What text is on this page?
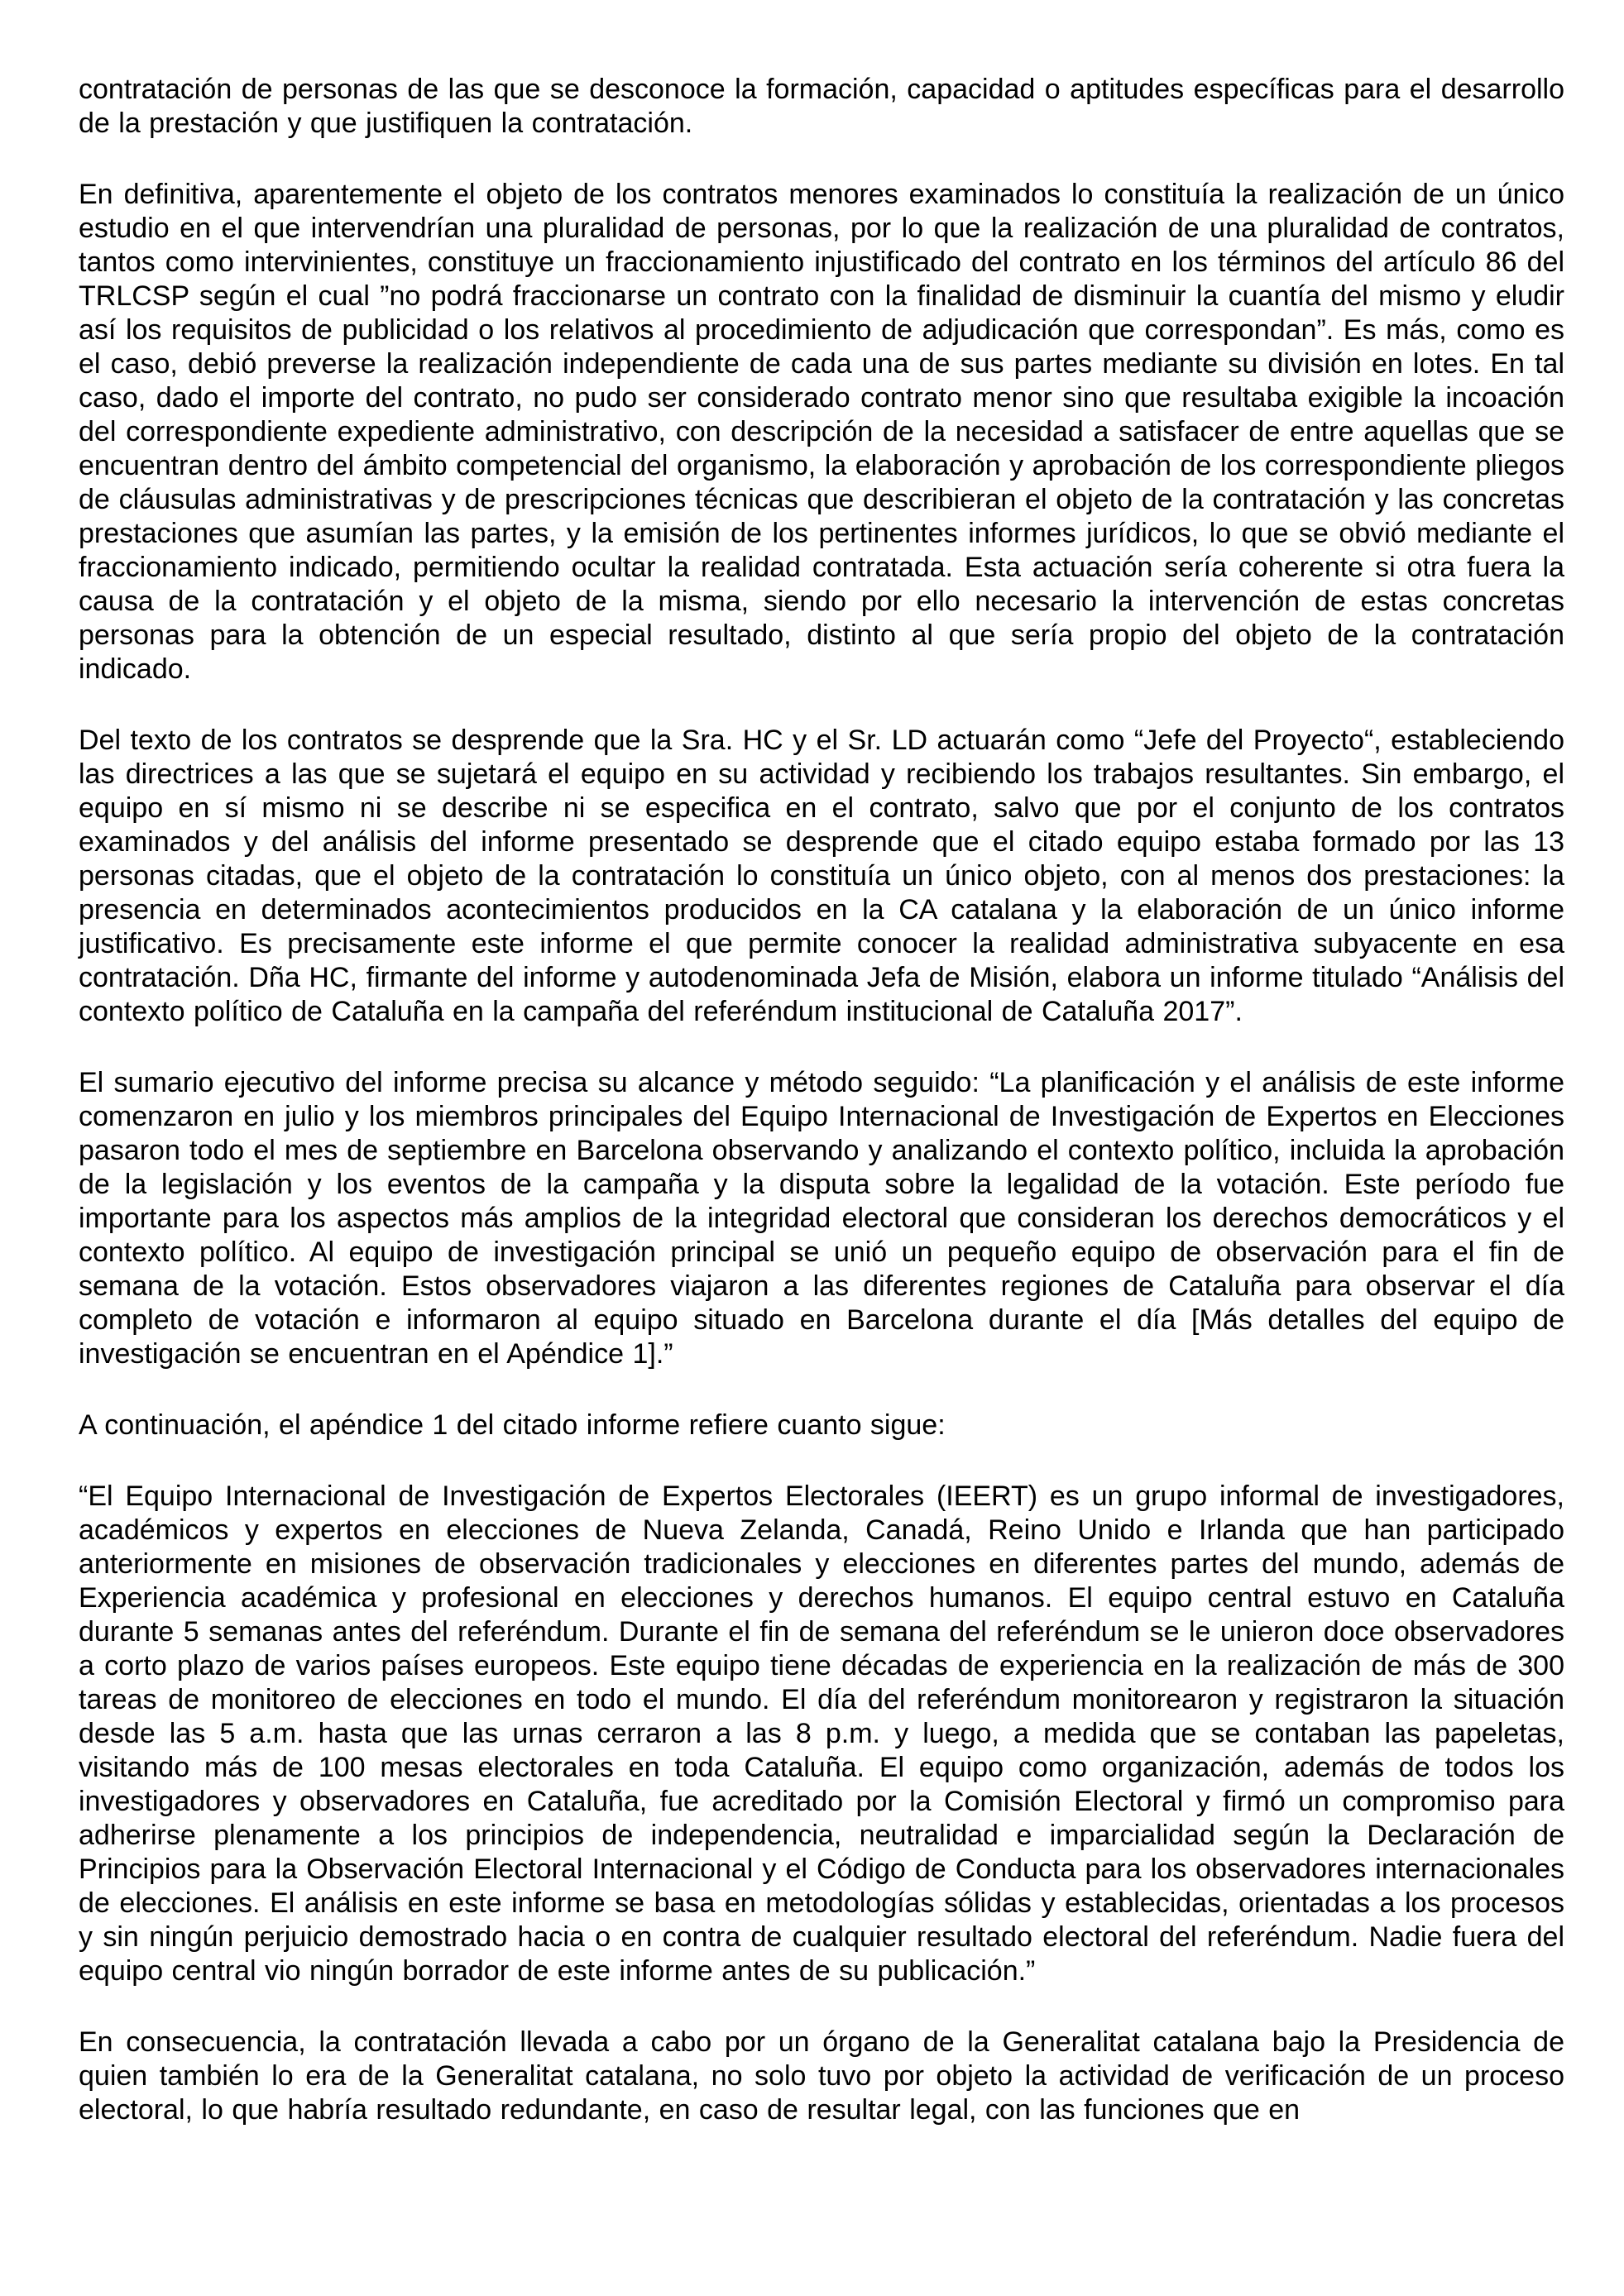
contratación de personas de las que se desconoce la formación, capacidad o aptitudes específicas para el desarrollo de la prestación y que justifiquen la contratación.

En definitiva, aparentemente el objeto de los contratos menores examinados lo constituía la realización de un único estudio en el que intervendrían una pluralidad de personas, por lo que la realización de una pluralidad de contratos, tantos como intervinientes, constituye un fraccionamiento injustificado del contrato en los términos del artículo 86 del TRLCSP según el cual ”no podrá fraccionarse un contrato con la finalidad de disminuir la cuantía del mismo y eludir así los requisitos de publicidad o los relativos al procedimiento de adjudicación que correspondan”. Es más, como es el caso, debió preverse la realización independiente de cada una de sus partes mediante su división en lotes. En tal caso, dado el importe del contrato, no pudo ser considerado contrato menor sino que resultaba exigible la incoación del correspondiente expediente administrativo, con descripción de la necesidad a satisfacer de entre aquellas que se encuentran dentro del ámbito competencial del organismo, la elaboración y aprobación de los correspondiente pliegos de cláusulas administrativas y de prescripciones técnicas que describieran el objeto de la contratación y las concretas prestaciones que asumían las partes, y la emisión de los pertinentes informes jurídicos, lo que se obvió mediante el fraccionamiento indicado, permitiendo ocultar la realidad contratada. Esta actuación sería coherente si otra fuera la causa de la contratación y el objeto de la misma, siendo por ello necesario la intervención de estas concretas personas para la obtención de un especial resultado, distinto al que sería propio del objeto de la contratación indicado.

Del texto de los contratos se desprende que la Sra. HC y el Sr. LD actuarán como “Jefe del Proyecto“, estableciendo las directrices a las que se sujetará el equipo en su actividad y recibiendo los trabajos resultantes. Sin embargo, el equipo en sí mismo ni se describe ni se especifica en el contrato, salvo que por el conjunto de los contratos examinados y del análisis del informe presentado se desprende que el citado equipo estaba formado por las 13 personas citadas, que el objeto de la contratación lo constituía un único objeto, con al menos dos prestaciones: la presencia en determinados acontecimientos producidos en la CA catalana y la elaboración de un único informe justificativo. Es precisamente este informe el que permite conocer la realidad administrativa subyacente en esa contratación. Dña HC, firmante del informe y autodenominada Jefa de Misión, elabora un informe titulado “Análisis del contexto político de Cataluña en la campaña del referéndum institucional de Cataluña 2017”.

El sumario ejecutivo del informe precisa su alcance y método seguido: “La planificación y el análisis de este informe comenzaron en julio y los miembros principales del Equipo Internacional de Investigación de Expertos en Elecciones pasaron todo el mes de septiembre en Barcelona observando y analizando el contexto político, incluida la aprobación de la legislación y los eventos de la campaña y la disputa sobre la legalidad de la votación. Este período fue importante para los aspectos más amplios de la integridad electoral que consideran los derechos democráticos y el contexto político. Al equipo de investigación principal se unió un pequeño equipo de observación para el fin de semana de la votación. Estos observadores viajaron a las diferentes regiones de Cataluña para observar el día completo de votación e informaron al equipo situado en Barcelona durante el día [Más detalles del equipo de investigación se encuentran en el Apéndice 1].”

A continuación, el apéndice 1 del citado informe refiere cuanto sigue:

“El Equipo Internacional de Investigación de Expertos Electorales (IEERT) es un grupo informal de investigadores, académicos y expertos en elecciones de Nueva Zelanda, Canadá, Reino Unido e Irlanda que han participado anteriormente en misiones de observación tradicionales y elecciones en diferentes partes del mundo, además de Experiencia académica y profesional en elecciones y derechos humanos. El equipo central estuvo en Cataluña durante 5 semanas antes del referéndum. Durante el fin de semana del referéndum se le unieron doce observadores a corto plazo de varios países europeos. Este equipo tiene décadas de experiencia en la realización de más de 300 tareas de monitoreo de elecciones en todo el mundo. El día del referéndum monitorearon y registraron la situación desde las 5 a.m. hasta que las urnas cerraron a las 8 p.m. y luego, a medida que se contaban las papeletas, visitando más de 100 mesas electorales en toda Cataluña. El equipo como organización, además de todos los investigadores y observadores en Cataluña, fue acreditado por la Comisión Electoral y firmó un compromiso para adherirse plenamente a los principios de independencia, neutralidad e imparcialidad según la Declaración de Principios para la Observación Electoral Internacional y el Código de Conducta para los observadores internacionales de elecciones. El análisis en este informe se basa en metodologías sólidas y establecidas, orientadas a los procesos y sin ningún perjuicio demostrado hacia o en contra de cualquier resultado electoral del referéndum. Nadie fuera del equipo central vio ningún borrador de este informe antes de su publicación.”

En consecuencia, la contratación llevada a cabo por un órgano de la Generalitat catalana bajo la Presidencia de quien también lo era de la Generalitat catalana, no solo tuvo por objeto la actividad de verificación de un proceso electoral, lo que habría resultado redundante, en caso de resultar legal, con las funciones que en
